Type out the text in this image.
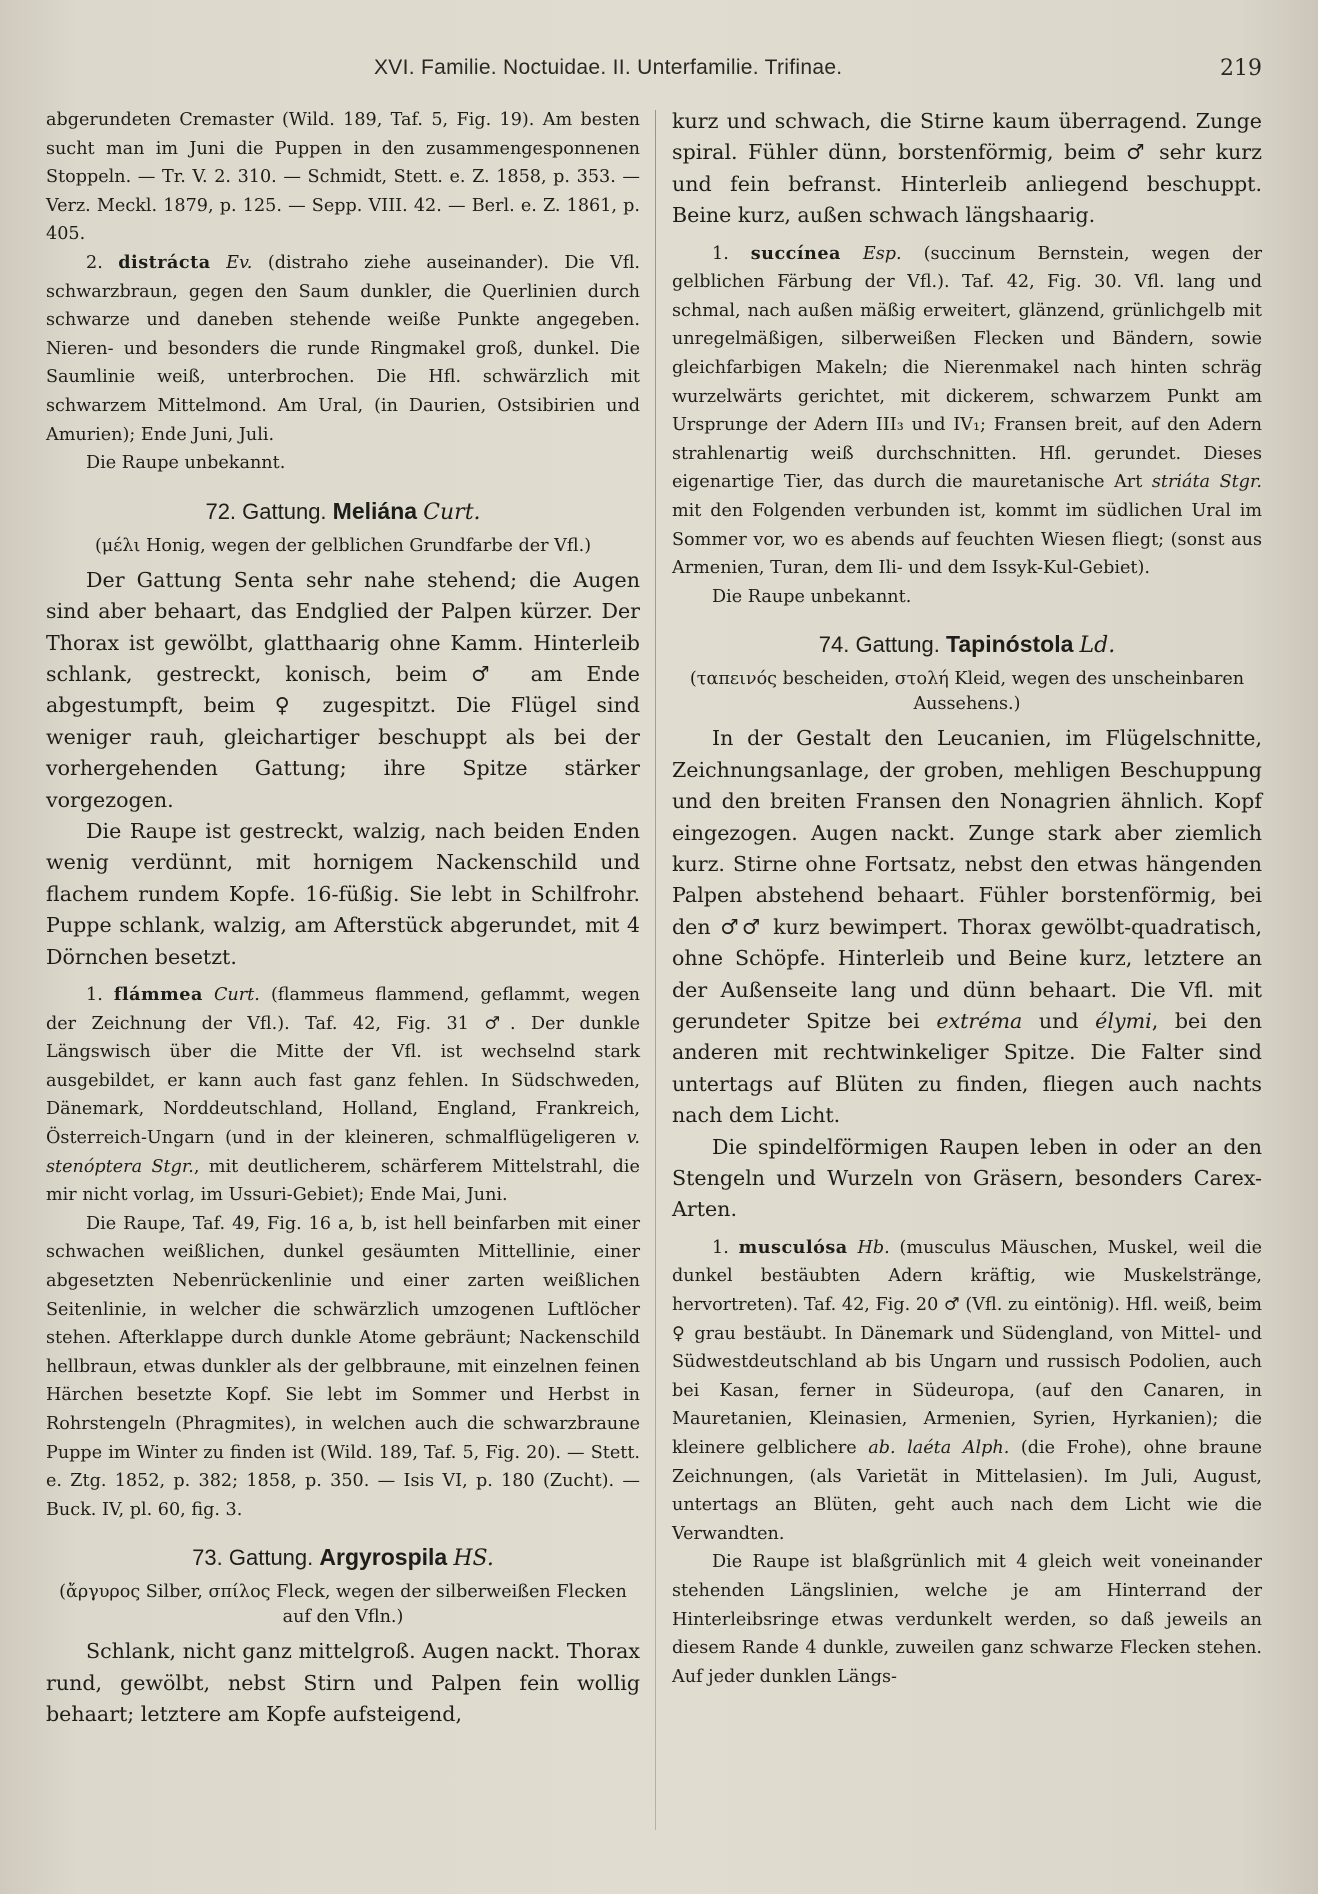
XVI. Familie. Noctuidae. II. Unterfamilie. Trifinae.	219

abgerundeten Cremaster (Wild. 189, Taf. 5, Fig. 19). Am besten sucht man im Juni die Puppen in den zusammengesponnenen Stoppeln. — Tr. V. 2. 310. — Schmidt, Stett. e. Z. 1858, p. 353. — Verz. Meckl. 1879, p. 125. — Sepp. VIII. 42. — Berl. e. Z. 1861, p. 405.

2. distrácta Ev. (distraho ziehe auseinander). Die Vfl. schwarzbraun, gegen den Saum dunkler, die Querlinien durch schwarze und daneben stehende weiße Punkte angegeben. Nieren- und besonders die runde Ringmakel groß, dunkel. Die Saumlinie weiß, unterbrochen. Die Hfl. schwärzlich mit schwarzem Mittelmond. Am Ural, (in Daurien, Ostsibirien und Amurien); Ende Juni, Juli.

Die Raupe unbekannt.

72. Gattung. Meliána Curt.

(μέλι Honig, wegen der gelblichen Grundfarbe der Vfl.)

Der Gattung Senta sehr nahe stehend; die Augen sind aber behaart, das Endglied der Palpen kürzer. Der Thorax ist gewölbt, glatthaarig ohne Kamm. Hinterleib schlank, gestreckt, konisch, beim ♂ am Ende abgestumpft, beim ♀ zugespitzt. Die Flügel sind weniger rauh, gleichartiger beschuppt als bei der vorhergehenden Gattung; ihre Spitze stärker vorgezogen.

Die Raupe ist gestreckt, walzig, nach beiden Enden wenig verdünnt, mit hornigem Nackenschild und flachem rundem Kopfe. 16-füßig. Sie lebt in Schilfrohr. Puppe schlank, walzig, am Afterstück abgerundet, mit 4 Dörnchen besetzt.

1. flámmea Curt. (flammeus flammend, geflammt, wegen der Zeichnung der Vfl.). Taf. 42, Fig. 31 ♂. Der dunkle Längswisch über die Mitte der Vfl. ist wechselnd stark ausgebildet, er kann auch fast ganz fehlen. In Südschweden, Dänemark, Norddeutschland, Holland, England, Frankreich, Österreich-Ungarn (und in der kleineren, schmalflügeligeren v. stenóptera Stgr., mit deutlicherem, schärferem Mittelstrahl, die mir nicht vorlag, im Ussuri-Gebiet); Ende Mai, Juni.

Die Raupe, Taf. 49, Fig. 16 a, b, ist hell beinfarben mit einer schwachen weißlichen, dunkel gesäumten Mittellinie, einer abgesetzten Nebenrückenlinie und einer zarten weißlichen Seitenlinie, in welcher die schwärzlich umzogenen Luftlöcher stehen. Afterklappe durch dunkle Atome gebräunt; Nackenschild hellbraun, etwas dunkler als der gelbbraune, mit einzelnen feinen Härchen besetzte Kopf. Sie lebt im Sommer und Herbst in Rohrstengeln (Phragmites), in welchen auch die schwarzbraune Puppe im Winter zu finden ist (Wild. 189, Taf. 5, Fig. 20). — Stett. e. Ztg. 1852, p. 382; 1858, p. 350. — Isis VI, p. 180 (Zucht). — Buck. IV, pl. 60, fig. 3.

73. Gattung. Argyrospila HS.

(ἄργυρος Silber, σπίλος Fleck, wegen der silberweißen Flecken auf den Vfln.)

Schlank, nicht ganz mittelgroß. Augen nackt. Thorax rund, gewölbt, nebst Stirn und Palpen fein wollig behaart; letztere am Kopfe aufsteigend,

kurz und schwach, die Stirne kaum überragend. Zunge spiral. Fühler dünn, borstenförmig, beim ♂ sehr kurz und fein befranst. Hinterleib anliegend beschuppt. Beine kurz, außen schwach längshaarig.

1. succínea Esp. (succinum Bernstein, wegen der gelblichen Färbung der Vfl.). Taf. 42, Fig. 30. Vfl. lang und schmal, nach außen mäßig erweitert, glänzend, grünlichgelb mit unregelmäßigen, silberweißen Flecken und Bändern, sowie gleichfarbigen Makeln; die Nierenmakel nach hinten schräg wurzelwärts gerichtet, mit dickerem, schwarzem Punkt am Ursprunge der Adern III₃ und IV₁; Fransen breit, auf den Adern strahlenartig weiß durchschnitten. Hfl. gerundet. Dieses eigenartige Tier, das durch die mauretanische Art striáta Stgr. mit den Folgenden verbunden ist, kommt im südlichen Ural im Sommer vor, wo es abends auf feuchten Wiesen fliegt; (sonst aus Armenien, Turan, dem Ili- und dem Issyk-Kul-Gebiet).

Die Raupe unbekannt.

74. Gattung. Tapinóstola Ld.

(ταπεινός bescheiden, στολή Kleid, wegen des unscheinbaren Aussehens.)

In der Gestalt den Leucanien, im Flügelschnitte, Zeichnungsanlage, der groben, mehligen Beschuppung und den breiten Fransen den Nonagrien ähnlich. Kopf eingezogen. Augen nackt. Zunge stark aber ziemlich kurz. Stirne ohne Fortsatz, nebst den etwas hängenden Palpen abstehend behaart. Fühler borstenförmig, bei den ♂♂ kurz bewimpert. Thorax gewölbt-quadratisch, ohne Schöpfe. Hinterleib und Beine kurz, letztere an der Außenseite lang und dünn behaart. Die Vfl. mit gerundeter Spitze bei extréma und élymi, bei den anderen mit rechtwinkeliger Spitze. Die Falter sind untertags auf Blüten zu finden, fliegen auch nachts nach dem Licht.

Die spindelförmigen Raupen leben in oder an den Stengeln und Wurzeln von Gräsern, besonders Carex-Arten.

1. musculósa Hb. (musculus Mäuschen, Muskel, weil die dunkel bestäubten Adern kräftig, wie Muskelstränge, hervortreten). Taf. 42, Fig. 20 ♂ (Vfl. zu eintönig). Hfl. weiß, beim ♀ grau bestäubt. In Dänemark und Südengland, von Mittel- und Südwestdeutschland ab bis Ungarn und russisch Podolien, auch bei Kasan, ferner in Südeuropa, (auf den Canaren, in Mauretanien, Kleinasien, Armenien, Syrien, Hyrkanien); die kleinere gelblichere ab. laéta Alph. (die Frohe), ohne braune Zeichnungen, (als Varietät in Mittelasien). Im Juli, August, untertags an Blüten, geht auch nach dem Licht wie die Verwandten.

Die Raupe ist blaßgrünlich mit 4 gleich weit voneinander stehenden Längslinien, welche je am Hinterrand der Hinterleibsringe etwas verdunkelt werden, so daß jeweils an diesem Rande 4 dunkle, zuweilen ganz schwarze Flecken stehen. Auf jeder dunklen Längs-
